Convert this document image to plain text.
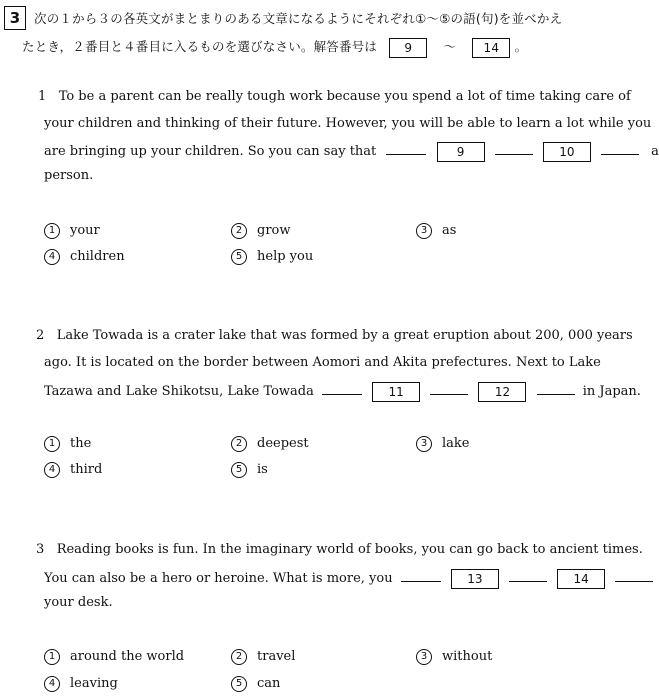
3	次の１から３の各英文がまとまりのある文章になるようにそれぞれ①〜⑤の語(句)を並べかえ
たとき，２番目と４番目に入るものを選びなさい。解答番号は 9	〜 14 。
1 To be a parent can be really tough work because you spend a lot of time taking care of
your children and thinking of their future. However, you will be able to learn a lot while you
are bringing up your children. So you can say that	9	10	a
person.
1 your	2 grow	3 as
4 children	5 help you
2 Lake Towada is a crater lake that was formed by a great eruption about 200, 000 years
ago. It is located on the border between Aomori and Akita prefectures. Next to Lake
Tazawa and Lake Shikotsu, Lake Towada	11	12	in Japan.
1 the	2 deepest	3 lake
4 third	5 is
3 Reading books is fun. In the imaginary world of books, you can go back to ancient times.
You can also be a hero or heroine. What is more, you	13	14
your desk.
1 around the world	2 travel	3 without
4 leaving	5 can
